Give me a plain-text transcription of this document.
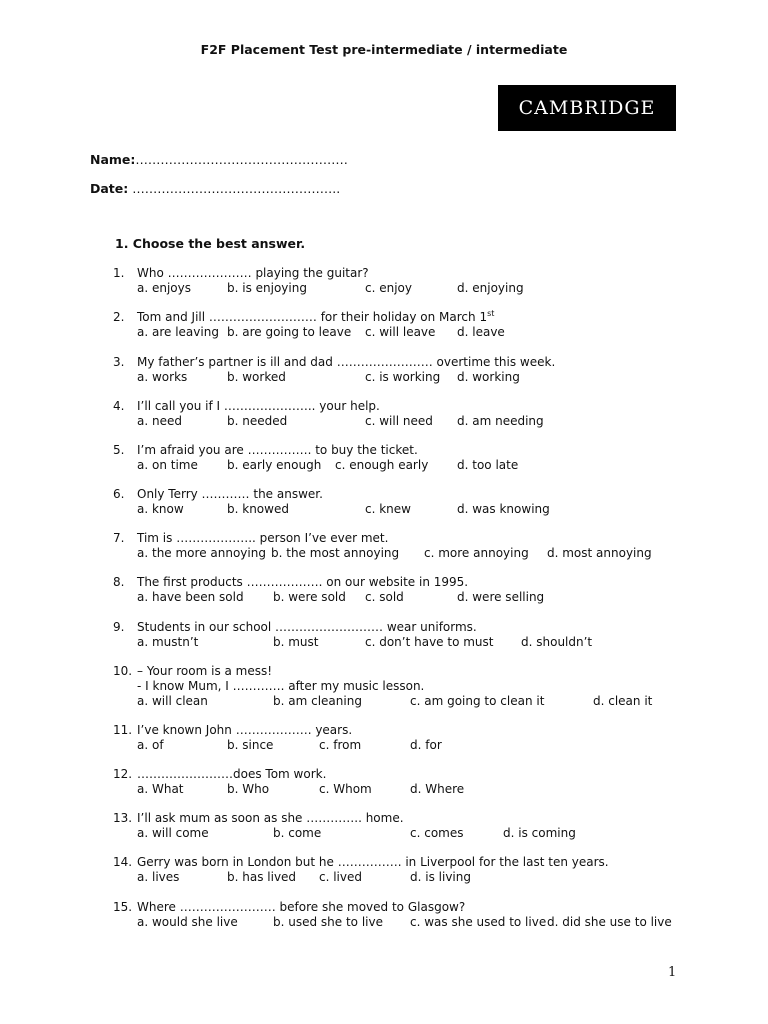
F2F Placement Test pre-intermediate / intermediate
CAMBRIDGE
Name:……………………………………………
Date: …………………………………………..
1. Choose the best answer.
1. Who ………………… playing the guitar?
a. enjoys	b. is enjoying	c. enjoy	d. enjoying
2. Tom and Jill ……………………… for their holiday on March 1st
a. are leaving b. are going to leave c. will leave d. leave
3. My father’s partner is ill and dad …………………… overtime this week.
a. works	b. worked	c. is working d. working
4. I’ll call you if I ………………….. your help.
a. need	b. needed	c. will need d. am needing
5. I’m afraid you are ……………. to buy the ticket.
a. on time b. early enough c. enough early d. too late
6. Only Terry ………… the answer.
a. know	b. knowed	c. knew	d. was knowing
7. Tim is ……………….. person I’ve ever met.
a. the more annoying b. the most annoying c. more annoying d. most annoying
8. The first products ………………. on our website in 1995.
a. have been sold b. were sold c. sold	d. were selling
9. Students in our school ……………………… wear uniforms.
a. mustn’t	b. must	c. don’t have to must d. shouldn’t
10. – Your room is a mess!
- I know Mum, I …………. after my music lesson.
a. will clean	b. am cleaning	c. am going to clean it	d. clean it
11. I’ve known John ………………. years.
a. of	b. since	c. from	d. for
12. ……………………does Tom work.
a. What	b. Who	c. Whom	d. Where
13. I’ll ask mum as soon as she ………….. home.
a. will come	b. come	c. comes	d. is coming
14. Gerry was born in London but he ……………. in Liverpool for the last ten years.
a. lives	b. has lived c. lived	d. is living
15. Where …………………… before she moved to Glasgow?
a. would she live	b. used she to live c. was she used to live d. did she use to live
1
